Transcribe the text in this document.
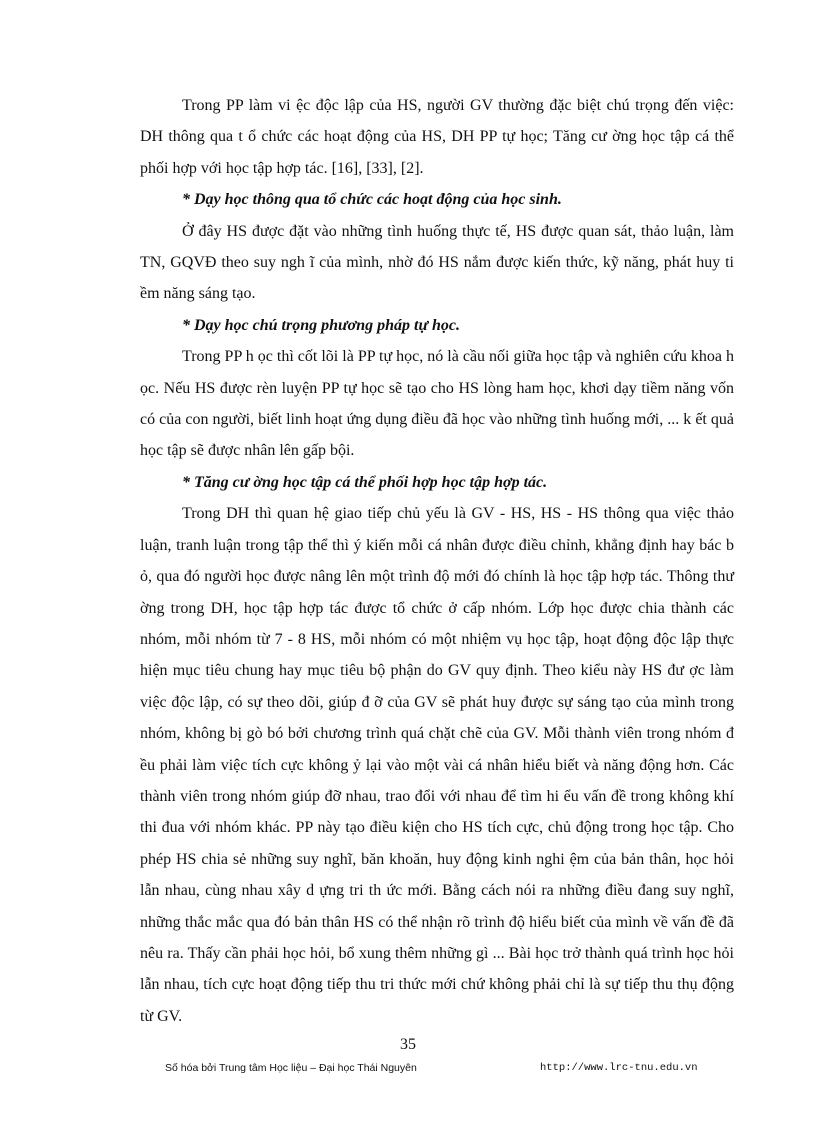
Trong PP làm vi ệc độc lập của HS, người GV thường đặc biệt chú trọng đến việc: DH thông qua t ổ chức các hoạt động của HS, DH PP tự học; Tăng cư ờng học tập cá thể phối hợp với học tập hợp tác. [16], [33], [2].

* Dạy học thông qua tổ chức các hoạt động của học sinh.

Ở đây HS được đặt vào những tình huống thực tế, HS được quan sát, thảo luận, làm TN, GQVĐ theo suy ngh ĩ của mình, nhờ đó HS nắm được kiến thức, kỹ năng, phát huy ti ềm năng sáng tạo.

* Dạy học chú trọng phương pháp tự học.

Trong PP h ọc thì cốt lõi là PP tự học, nó là cầu nối giữa học tập và nghiên cứu khoa h ọc. Nếu HS được rèn luyện PP tự học sẽ tạo cho HS lòng ham học, khơi dạy tiềm năng vốn có của con người, biết linh hoạt ứng dụng điều đã học vào những tình huống mới, ... k ết quả học tập sẽ được nhân lên gấp bội.

* Tăng cư ờng học tập cá thể phối hợp học tập hợp tác.

Trong DH thì quan hệ giao tiếp chủ yếu là GV - HS, HS - HS thông qua việc thảo luận, tranh luận trong tập thể thì ý kiến mỗi cá nhân được điều chỉnh, khẳng định hay bác b ỏ, qua đó người học được nâng lên một trình độ mới đó chính là học tập hợp tác. Thông thư ờng trong DH, học tập hợp tác được tổ chức ở cấp nhóm. Lớp học được chia thành các nhóm, mỗi nhóm từ 7 - 8 HS, mỗi nhóm có một nhiệm vụ học tập, hoạt động độc lập thực hiện mục tiêu chung hay mục tiêu bộ phận do GV quy định. Theo kiểu này HS đư ợc làm việc độc lập, có sự theo dõi, giúp đ ỡ của GV sẽ phát huy được sự sáng tạo của mình trong nhóm, không bị gò bó bởi chương trình quá chặt chẽ của GV. Mỗi thành viên trong nhóm đ ều phải làm việc tích cực không ỷ lại vào một vài cá nhân hiểu biết và năng động hơn. Các thành viên trong nhóm giúp đỡ nhau, trao đổi với nhau để tìm hi ểu vấn đề trong không khí thi đua với nhóm khác. PP này tạo điều kiện cho HS tích cực, chủ động trong học tập. Cho phép HS chia sẻ những suy nghĩ, băn khoăn, huy động kinh nghi ệm của bản thân, học hỏi lẫn nhau, cùng nhau xây d ựng tri th ức mới. Bằng cách nói ra những điều đang suy nghĩ, những thắc mắc qua đó bản thân HS có thể nhận rõ trình độ hiểu biết của mình về vấn đề đã nêu ra. Thấy cần phải học hỏi, bổ xung thêm những gì ... Bài học trở thành quá trình học hỏi lẫn nhau, tích cực hoạt động tiếp thu tri thức mới chứ không phải chỉ là sự tiếp thu thụ động từ GV.

35
Số hóa bởi Trung tâm Học liệu – Đại học Thái Nguyên	http://www.lrc-tnu.edu.vn
